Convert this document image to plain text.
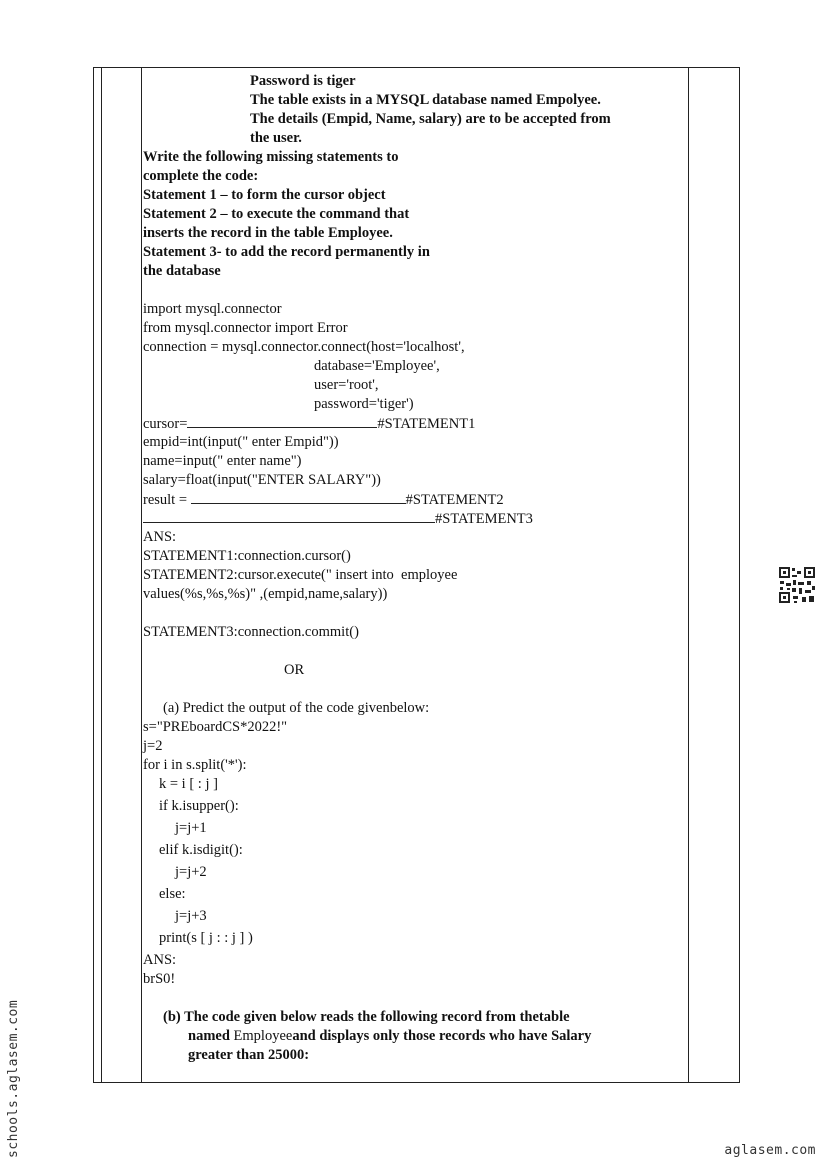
Password is tiger
The table exists in a MYSQL database named Empolyee.
The details (Empid, Name, salary) are to be accepted from
the user.
Write the following missing statements to
complete the code:
Statement 1 – to form the cursor object
Statement 2 – to execute the command that
inserts the record in the table Employee.
Statement 3- to add the record permanently in
the database
import mysql.connector
from mysql.connector import Error
connection = mysql.connector.connect(host='localhost',
database='Employee',
user='root',
password='tiger')
cursor=	#STATEMENT1
empid=int(input(" enter Empid"))
name=input(" enter name")
salary=float(input("ENTER SALARY"))
result =	#STATEMENT2
#STATEMENT3
ANS:
STATEMENT1:connection.cursor()
STATEMENT2:cursor.execute(" insert into  employee
values(%s,%s,%s)" ,(empid,name,salary))
STATEMENT3:connection.commit()
OR
(a) Predict the output of the code givenbelow:
s="PREboardCS*2022!"
j=2
for i in s.split('*'):
k = i [ : j ]
if k.isupper():
j=j+1
elif k.isdigit():
j=j+2
else:
j=j+3
print(s [ j : : j ] )
ANS:
brS0!
(b) The code given below reads the following record from thetable
named Employeeand displays only those records who have Salary
greater than 25000:
schools.aglasem.com	aglasem.com
